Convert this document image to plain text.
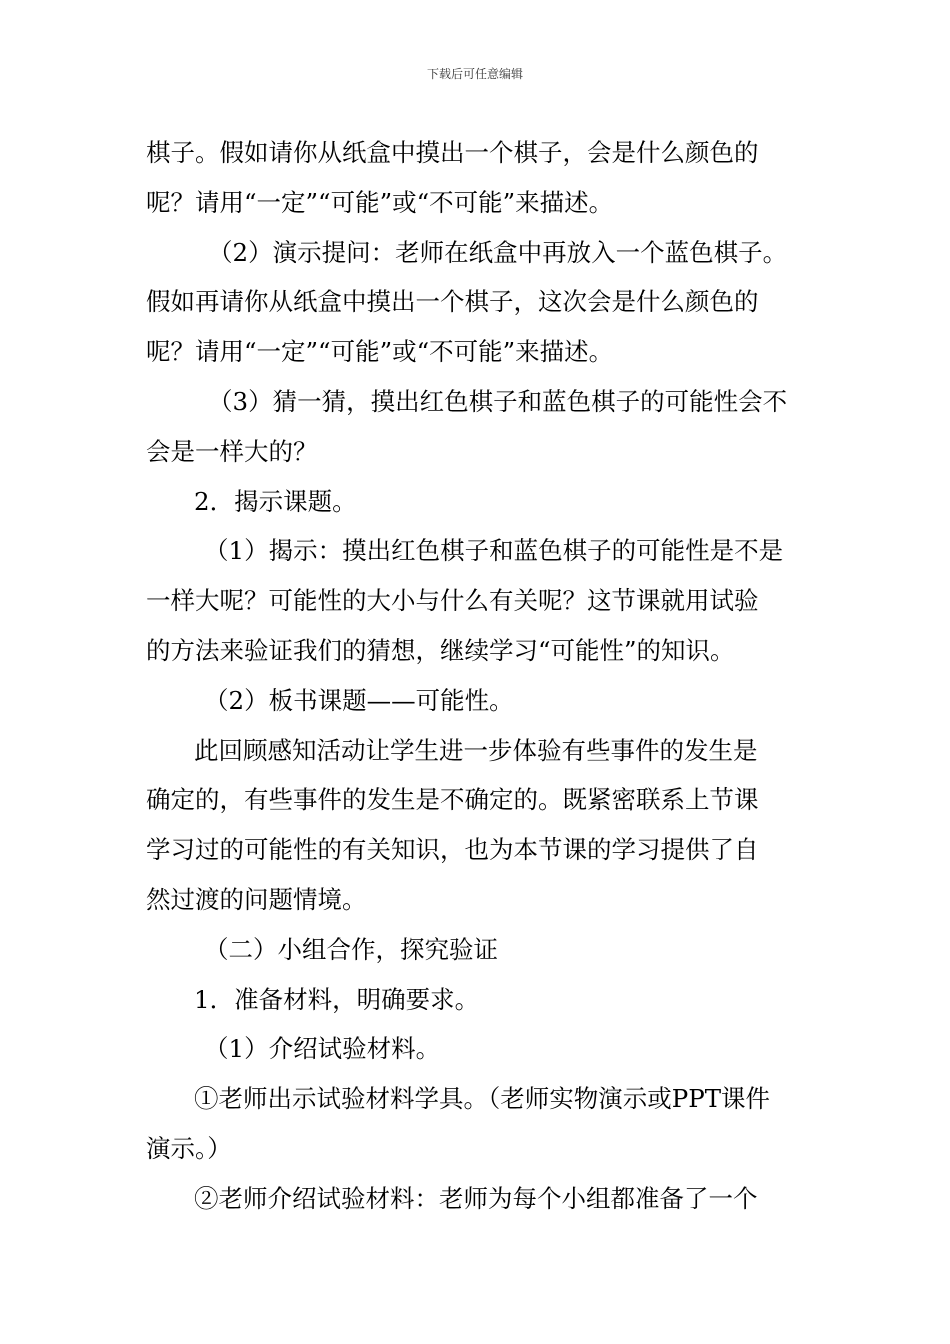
下载后可任意编辑
棋子。假如请你从纸盒中摸出一个棋子，会是什么颜色的
呢？请用“一定”“可能”或“不可能”来描述。
（2）演示提问：老师在纸盒中再放入一个蓝色棋子。
假如再请你从纸盒中摸出一个棋子，这次会是什么颜色的
呢？请用“一定”“可能”或“不可能”来描述。
（3）猜一猜，摸出红色棋子和蓝色棋子的可能性会不
会是一样大的？
2．揭示课题。
（1）揭示：摸出红色棋子和蓝色棋子的可能性是不是
一样大呢？可能性的大小与什么有关呢？这节课就用试验
的方法来验证我们的猜想，继续学习“可能性”的知识。
（2）板书课题——可能性。
此回顾感知活动让学生进一步体验有些事件的发生是
确定的，有些事件的发生是不确定的。既紧密联系上节课
学习过的可能性的有关知识，也为本节课的学习提供了自
然过渡的问题情境。
（二）小组合作，探究验证
1．准备材料，明确要求。
（1）介绍试验材料。
①老师出示试验材料学具。（老师实物演示或PPT课件
演示。）
②老师介绍试验材料：老师为每个小组都准备了一个
